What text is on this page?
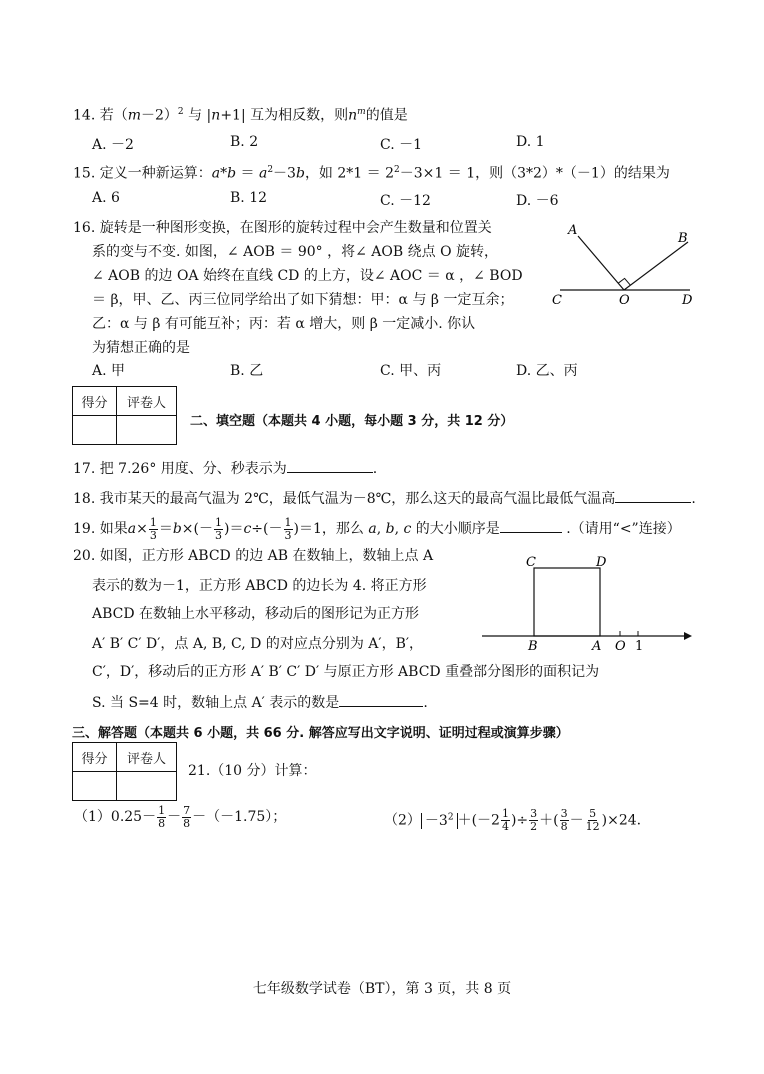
14. 若$(m-2)^2$ 与 |n+1| 互为相反数，则$n^m$的值是
A. －2	B. 2	C. －1	D. 1
15. 定义一种新运算：$a*b = a^2-3b$，如 $2*1 = 2^2-3\times 1 = 1$，则（3*2）*（－1）的结果为
A. 6	B. 12	C. －12	D. －6
16. 旋转是一种图形变换，在图形的旋转过程中会产生数量和位置关
系的变与不变. 如图，∠ AOB ＝ 90° ，将∠ AOB 绕点 O 旋转，
∠ AOB 的边 OA 始终在直线 CD 的上方，设∠ AOC ＝ α ，∠ BOD
＝ β，甲、乙、丙三位同学给出了如下猜想：甲：α 与 β 一定互余；
乙：α 与 β 有可能互补；丙：若 α 增大，则 β 一定减小. 你认
为猜想正确的是
A. 甲	B. 乙	C. 甲、丙	D. 乙、丙
A
B
C	O	D
得分	评卷人

二、填空题（本题共 4 小题，每小题 3 分，共 12 分）
17. 把 7.26° 用度、分、秒表示为	.
18. 我市某天的最高气温为 2℃，最低气温为－8℃，那么这天的最高气温比最低气温高	.
19. 如果$a\times \frac{1}{3} =b\times(- \frac{1}{3} )=c\div(- \frac{1}{3} )=1$，那么 a, b, c 的大小顺序是	.（请用“<”连接）
20. 如图，正方形 ABCD 的边 AB 在数轴上，数轴上点 A
表示的数为－1，正方形 ABCD 的边长为 4. 将正方形
ABCD 在数轴上水平移动，移动后的图形记为正方形
A′ B′ C′ D′，点 A, B, C, D 的对应点分别为 A′，B′，
C′，D′，移动后的正方形 A′ B′ C′ D′ 与原正方形 ABCD 重叠部分图形的面积记为
S. 当 S=4 时，数轴上点 A′ 表示的数是	.
C	D
B	A O 1
三、解答题（本题共 6 小题，共 66 分. 解答应写出文字说明、证明过程或演算步骤）
得分	评卷人

21.（10 分）计算：
$(1)0.25- \frac{1}{8} - \frac{7}{8} -(-1.75)$；	$(2) -3^2 +(-2 \frac{1}{4}$ )÷ $\frac{3}{2}$ ＋( $\frac{3}{8} - \frac{5}{12} )\times 24$.
七年级数学试卷（BT），第 3 页，共 8 页
